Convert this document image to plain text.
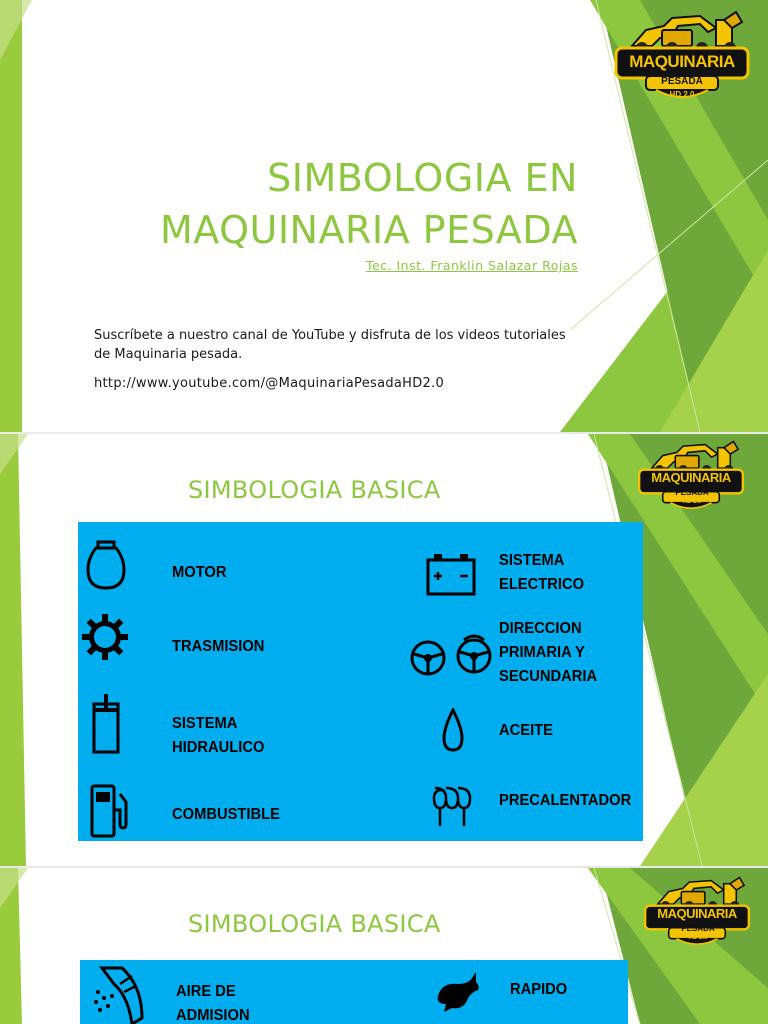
MAQUINARIA
PESADA
HD 2.0
SIMBOLOGIA EN
MAQUINARIA PESADA
Tec. Inst. Franklin Salazar Rojas

Suscríbete a nuestro canal de YouTube y disfruta de los videos tutoriales de Maquinaria pesada.

http://www.youtube.com/@MaquinariaPesadaHD2.0
MAQUINARIA
PESADA
HD 2.0
SIMBOLOGIA BASICA
MOTOR
TRASMISION
SISTEMA
HIDRAULICO
COMBUSTIBLE
SISTEMA
ELECTRICO
DIRECCION
PRIMARIA Y
SECUNDARIA
ACEITE
PRECALENTADOR
MAQUINARIA
PESADA
HD 2.0
SIMBOLOGIA BASICA
AIRE DE
ADMISION
RAPIDO
